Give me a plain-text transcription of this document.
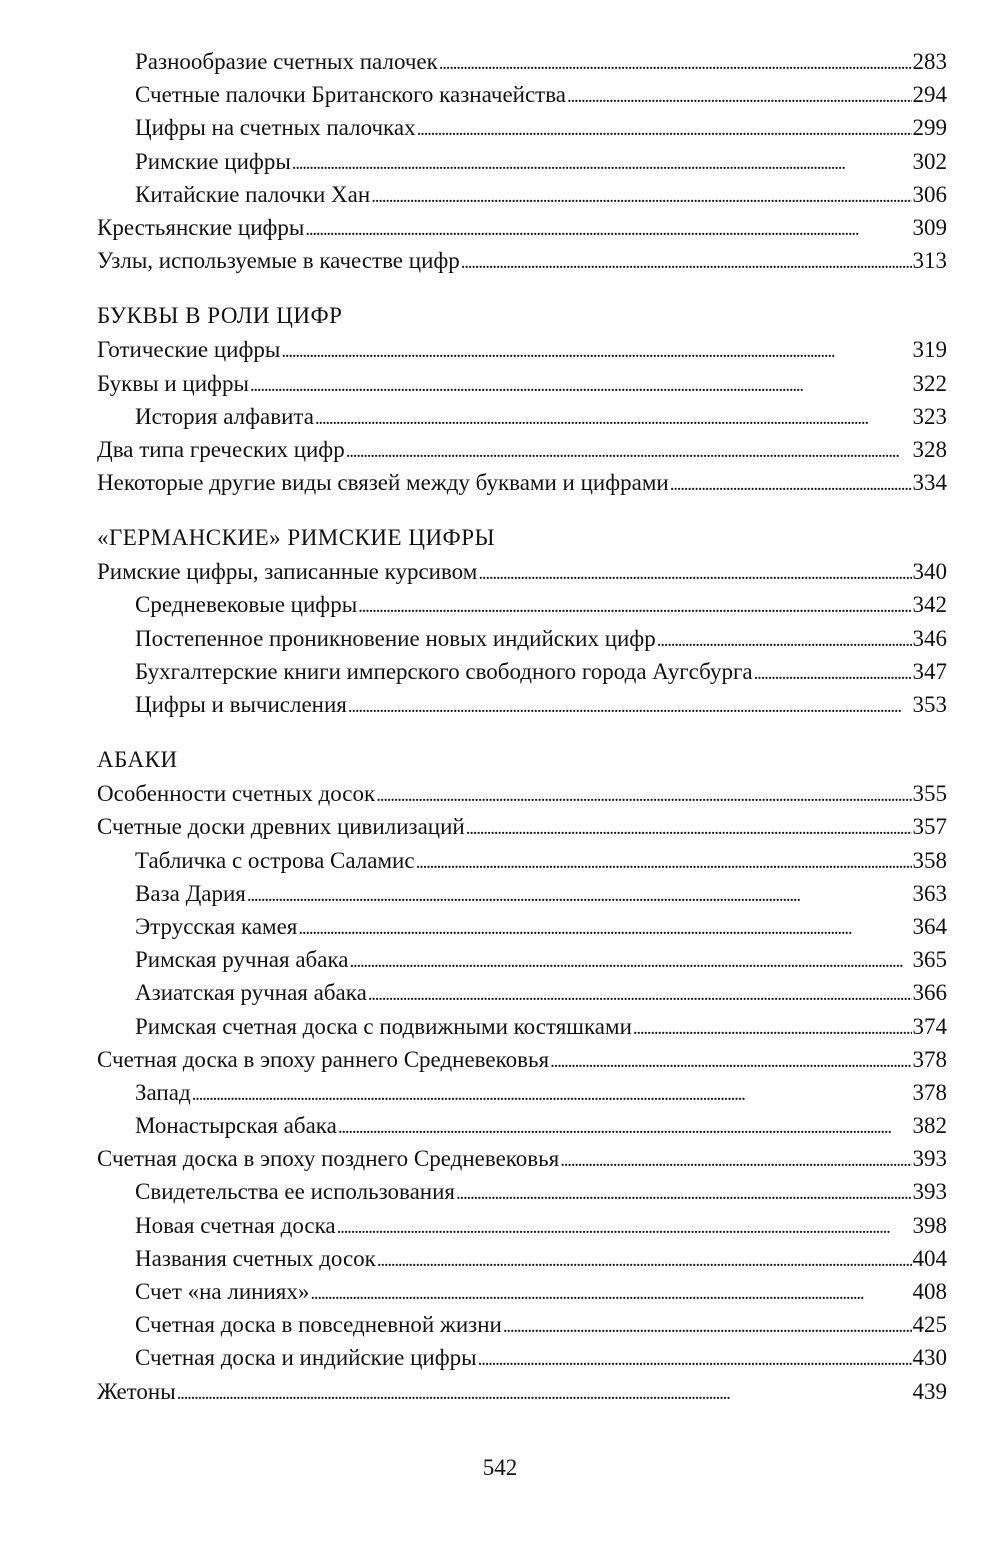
Разнообразие счетных палочек . . .	283
Счетные палочки Британского казначейства . . .	294
Цифры на счетных палочках . . .	299
Римские цифры . . .	302
Китайские палочки Хан . . .	306
Крестьянские цифры . . .	309
Узлы, используемые в качестве цифр . . .	313
БУКВЫ В РОЛИ ЦИФР
Готические цифры . . .	319
Буквы и цифры . . .	322
История алфавита . . .	323
Два типа греческих цифр . . .	328
Некоторые другие виды связей между буквами и цифрами . . .	334
«ГЕРМАНСКИЕ» РИМСКИЕ ЦИФРЫ
Римские цифры, записанные курсивом . . .	340
Средневековые цифры . . .	342
Постепенное проникновение новых индийских цифр . . .	346
Бухгалтерские книги имперского свободного города Аугсбурга . . .	347
Цифры и вычисления . . .	353
АБАКИ
Особенности счетных досок . . .	355
Счетные доски древних цивилизаций . . .	357
Табличка с острова Саламис . . .	358
Ваза Дария . . .	363
Этрусская камея . . .	364
Римская ручная абака . . .	365
Азиатская ручная абака . . .	366
Римская счетная доска с подвижными костяшками . . .	374
Счетная доска в эпоху раннего Средневековья . . .	378
Запад . . .	378
Монастырская абака . . .	382
Счетная доска в эпоху позднего Средневековья . . .	393
Свидетельства ее использования . . .	393
Новая счетная доска . . .	398
Названия счетных досок . . .	404
Счет «на линиях» . . .	408
Счетная доска в повседневной жизни . . .	425
Счетная доска и индийские цифры . . .	430
Жетоны . . .	439
542
